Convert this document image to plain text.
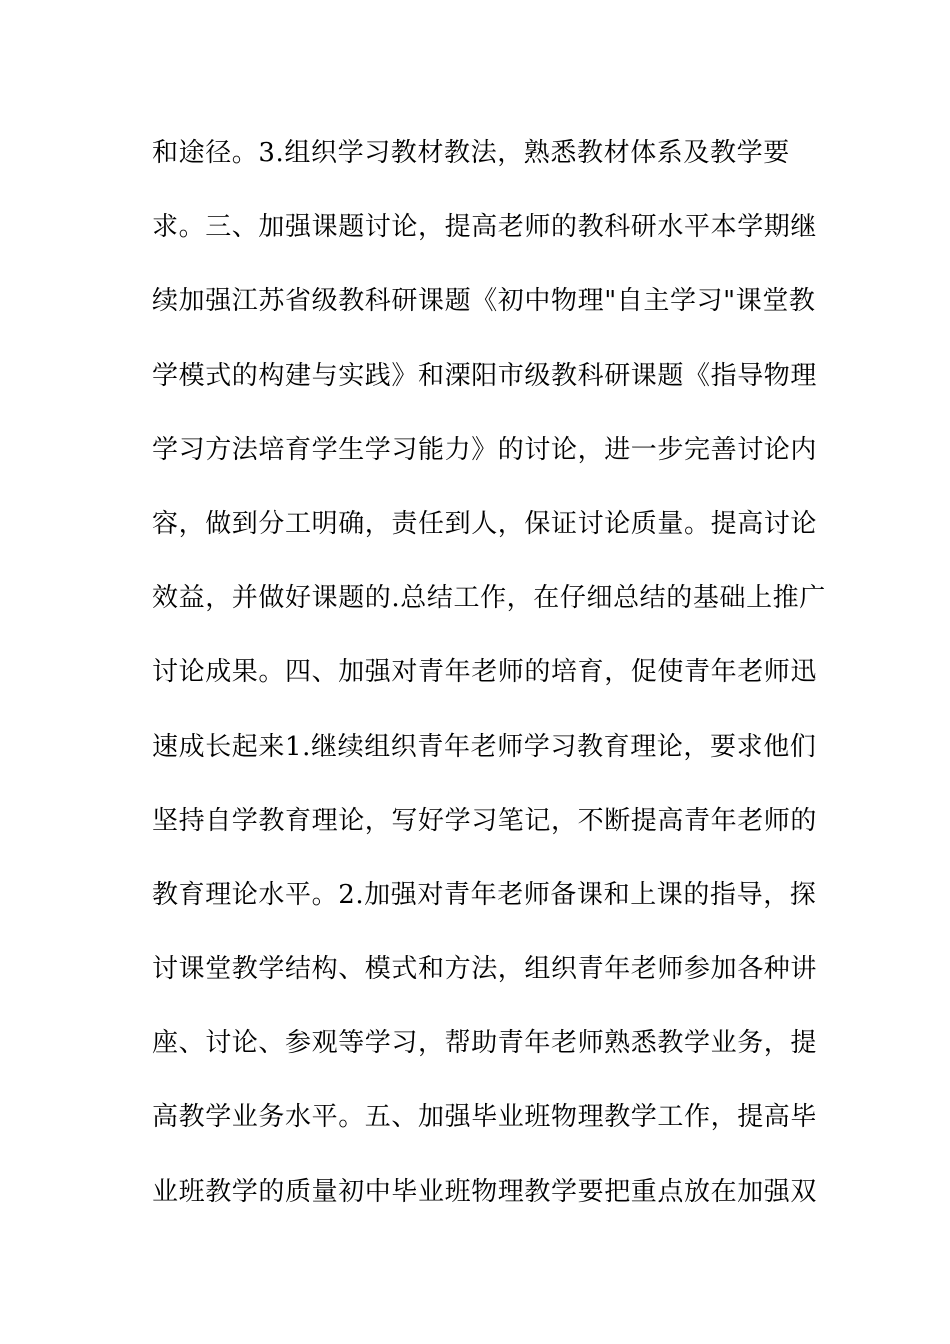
和途径。3.组织学习教材教法，熟悉教材体系及教学要
求。三、加强课题讨论，提高老师的教科研水平本学期继
续加强江苏省级教科研课题《初中物理"自主学习"课堂教
学模式的构建与实践》和溧阳市级教科研课题《指导物理
学习方法培育学生学习能力》的讨论，进一步完善讨论内
容，做到分工明确，责任到人，保证讨论质量。提高讨论
效益，并做好课题的.总结工作，在仔细总结的基础上推广
讨论成果。四、加强对青年老师的培育，促使青年老师迅
速成长起来1.继续组织青年老师学习教育理论，要求他们
坚持自学教育理论，写好学习笔记，不断提高青年老师的
教育理论水平。2.加强对青年老师备课和上课的指导，探
讨课堂教学结构、模式和方法，组织青年老师参加各种讲
座、讨论、参观等学习，帮助青年老师熟悉教学业务，提
高教学业务水平。五、加强毕业班物理教学工作，提高毕
业班教学的质量初中毕业班物理教学要把重点放在加强双
